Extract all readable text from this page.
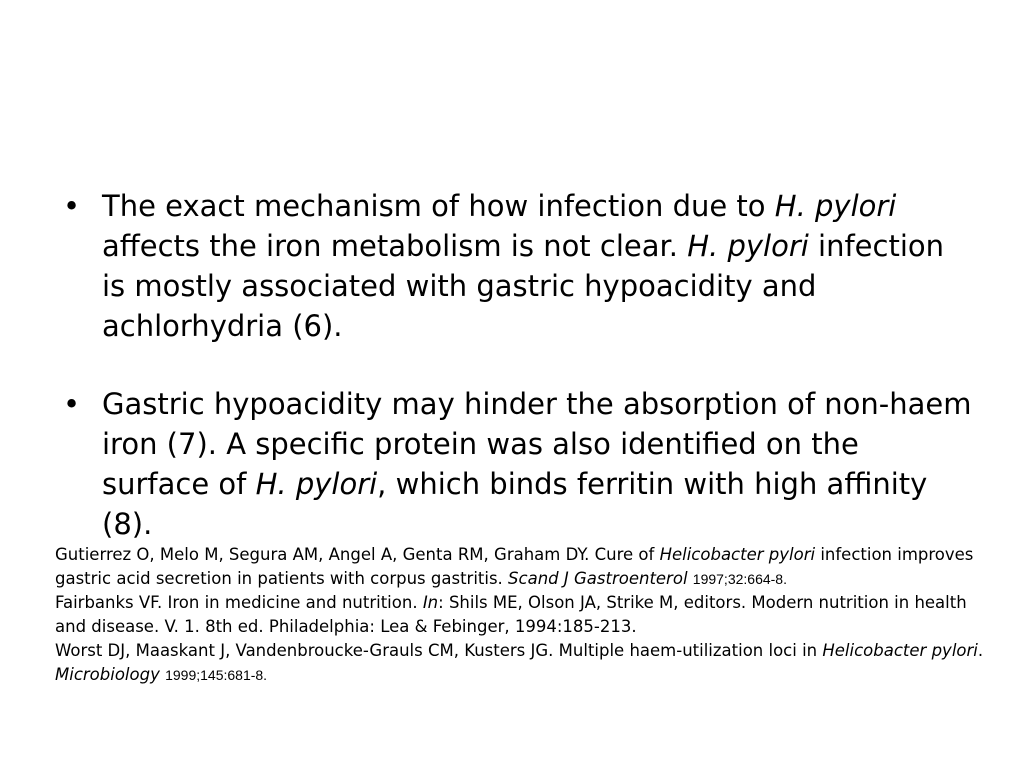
• The exact mechanism of how infection due to H. pylori affects the iron metabolism is not clear. H. pylori infection is mostly associated with gastric hypoacidity and achlorhydria (6).
• Gastric hypoacidity may hinder the absorption of non-haem iron (7). A specific protein was also identified on the surface of H. pylori, which binds ferritin with high affinity (8).

Gutierrez O, Melo M, Segura AM, Angel A, Genta RM, Graham DY. Cure of Helicobacter pylori infection improves gastric acid secretion in patients with corpus gastritis. Scand J Gastroenterol 1997;32:664-8.

Fairbanks VF. Iron in medicine and nutrition. In: Shils ME, Olson JA, Strike M, editors. Modern nutrition in health and disease. V. 1. 8th ed. Philadelphia: Lea & Febinger, 1994:185-213.

Worst DJ, Maaskant J, Vandenbroucke-Grauls CM, Kusters JG. Multiple haem-utilization loci in Helicobacter pylori. Microbiology 1999;145:681-8.
